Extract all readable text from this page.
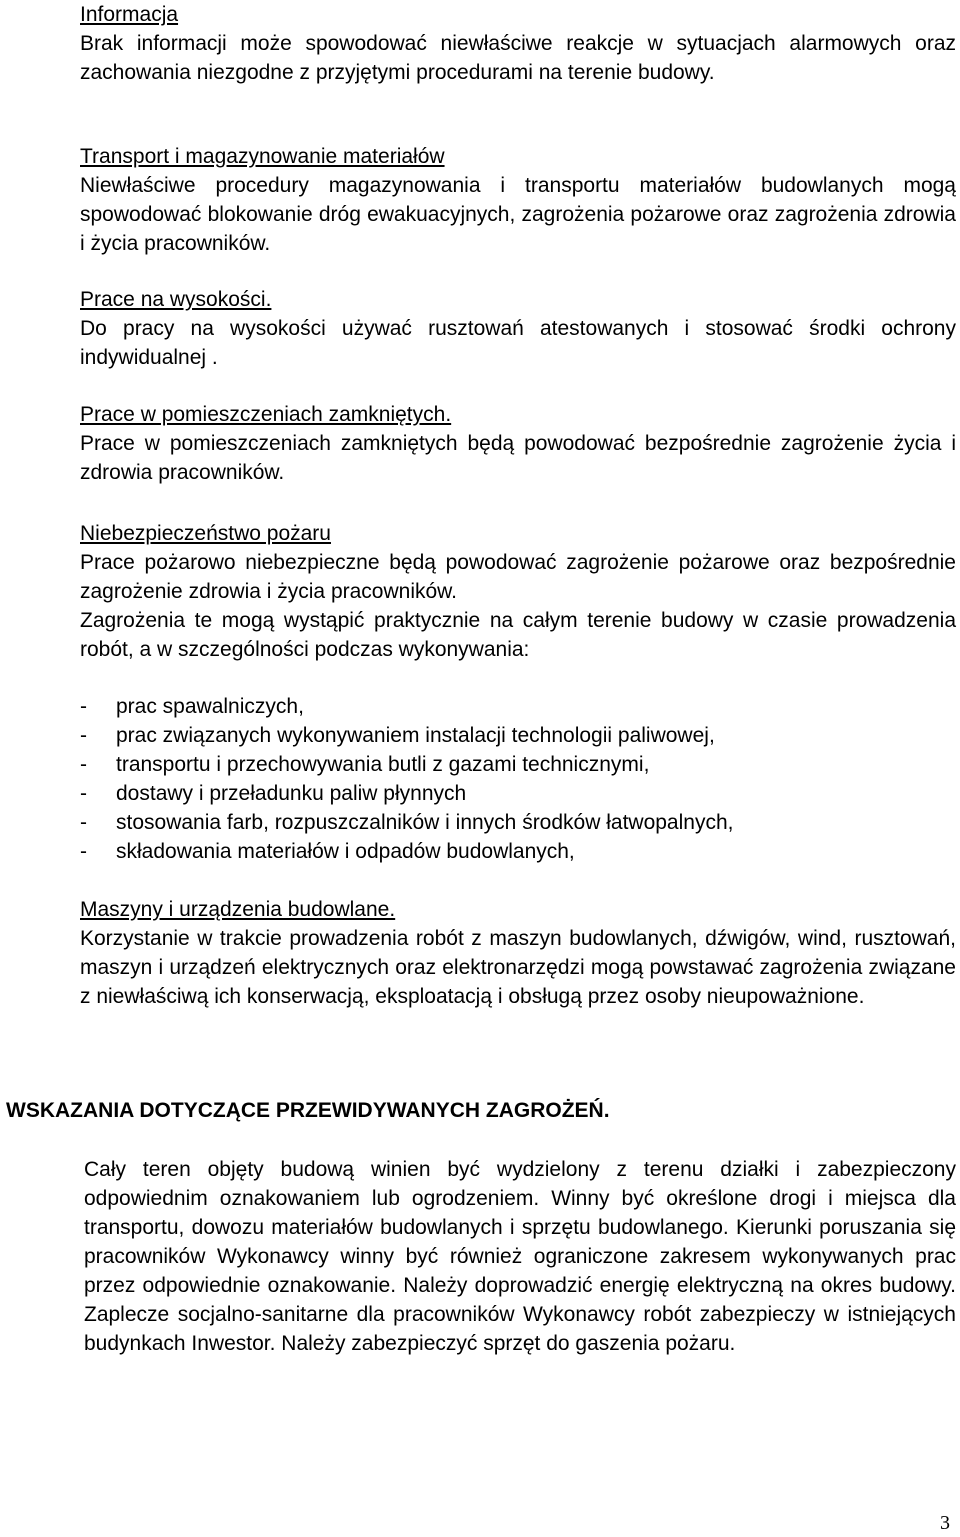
Informacja
Brak informacji może spowodować niewłaściwe reakcje w sytuacjach alarmowych oraz zachowania niezgodne z przyjętymi procedurami na terenie budowy.
Transport i magazynowanie materiałów
Niewłaściwe procedury magazynowania i transportu materiałów budowlanych mogą spowodować blokowanie dróg ewakuacyjnych, zagrożenia pożarowe oraz zagrożenia zdrowia i życia pracowników.
Prace na wysokości.
Do pracy na wysokości używać rusztowań atestowanych i stosować środki ochrony indywidualnej .
Prace w pomieszczeniach zamkniętych.
Prace w pomieszczeniach zamkniętych będą powodować bezpośrednie zagrożenie życia i zdrowia pracowników.
Niebezpieczeństwo pożaru
Prace pożarowo niebezpieczne będą powodować zagrożenie pożarowe oraz bezpośrednie zagrożenie zdrowia i życia pracowników.
Zagrożenia te mogą wystąpić praktycznie na całym terenie budowy w czasie prowadzenia robót, a w szczególności podczas wykonywania:
- prac spawalniczych,
- prac związanych wykonywaniem instalacji technologii paliwowej,
- transportu i przechowywania butli z gazami technicznymi,
- dostawy i przeładunku paliw płynnych
- stosowania farb, rozpuszczalników i innych środków łatwopalnych,
- składowania materiałów i odpadów budowlanych,
Maszyny i urządzenia budowlane.
Korzystanie w trakcie prowadzenia robót z maszyn budowlanych, dźwigów, wind, rusztowań, maszyn i urządzeń elektrycznych oraz elektronarzędzi mogą powstawać zagrożenia związane z niewłaściwą ich konserwacją, eksploatacją i obsługą przez osoby nieupoważnione.
WSKAZANIA DOTYCZĄCE PRZEWIDYWANYCH ZAGROŻEŃ.
Cały teren objęty budową winien być wydzielony z terenu działki i zabezpieczony odpowiednim oznakowaniem lub ogrodzeniem. Winny być określone drogi i miejsca dla transportu, dowozu materiałów budowlanych i sprzętu budowlanego. Kierunki poruszania się pracowników Wykonawcy winny być również ograniczone zakresem wykonywanych prac przez odpowiednie oznakowanie. Należy doprowadzić energię elektryczną na okres budowy. Zaplecze socjalno-sanitarne dla pracowników Wykonawcy robót zabezpieczy w istniejących budynkach Inwestor. Należy zabezpieczyć sprzęt do gaszenia pożaru.
3
